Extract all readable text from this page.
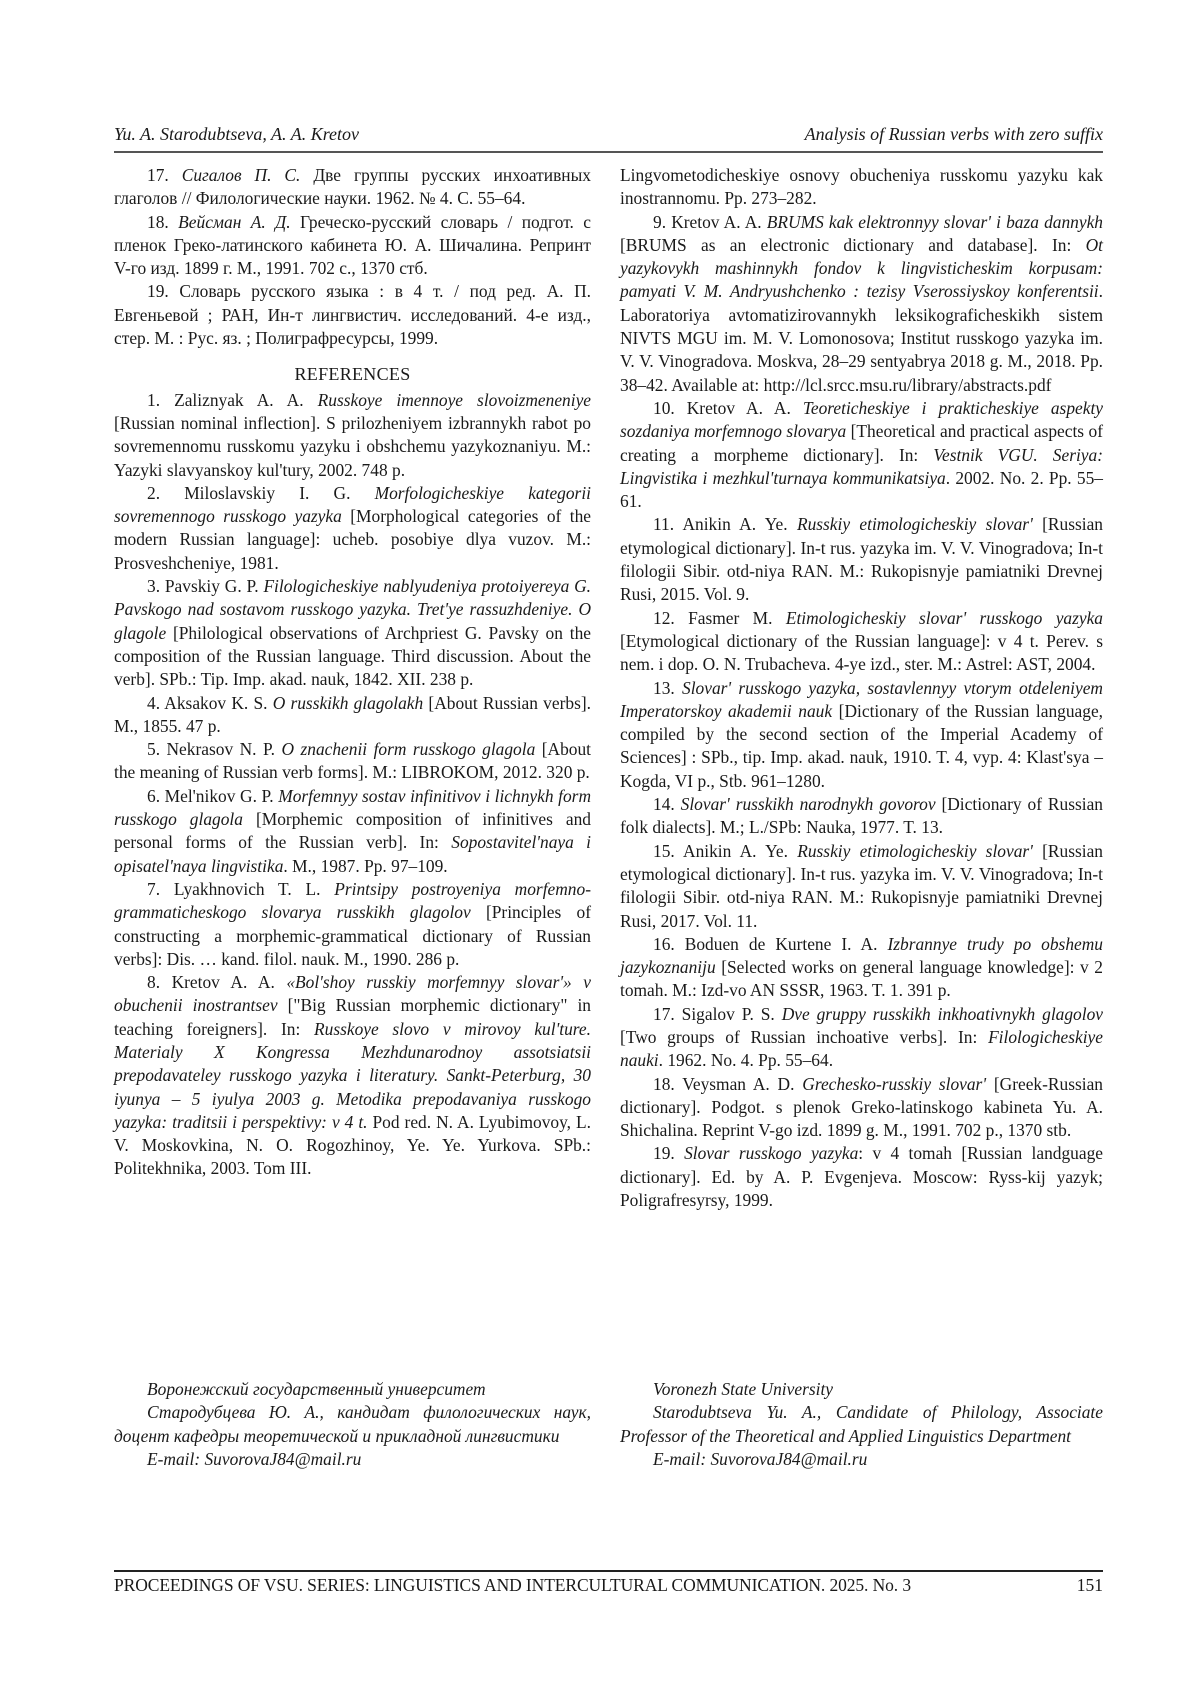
Yu. A. Starodubtseva, A. A. Kretov	Analysis of Russian verbs with zero suffix

17. Сигалов П. С. Две группы русских инхоативных глаголов // Филологические науки. 1962. № 4. С. 55–64.

18. Вейсман А. Д. Греческо-русский словарь / подгот. с пленок Греко-латинского кабинета Ю. А. Шичалина. Репринт V-го изд. 1899 г. М., 1991. 702 с., 1370 стб.

19. Словарь русского языка : в 4 т. / под ред. А. П. Евгеньевой ; РАН, Ин-т лингвистич. исследований. 4-е изд., стер. М. : Рус. яз. ; Полиграфресурсы, 1999.

REFERENCES

1. Zaliznyak A. A. Russkoye imennoye slovoizmeneniye [Russian nominal inflection]. S prilozheniyem izbrannykh rabot po sovremennomu russkomu yazyku i obshchemu yazykoznaniyu. M.: Yazyki slavyanskoy kul'tury, 2002. 748 p.

2. Miloslavskiy I. G. Morfologicheskiye kategorii sovremennogo russkogo yazyka [Morphological categories of the modern Russian language]: ucheb. posobiye dlya vuzov. M.: Prosveshcheniye, 1981.

3. Pavskiy G. P. Filologicheskiye nablyudeniya protoiyereya G. Pavskogo nad sostavom russkogo yazyka. Tret'ye rassuzhdeniye. O glagole [Philological observations of Archpriest G. Pavsky on the composition of the Russian language. Third discussion. About the verb]. SPb.: Tip. Imp. akad. nauk, 1842. XII. 238 p.

4. Aksakov K. S. O russkikh glagolakh [About Russian verbs]. M., 1855. 47 p.

5. Nekrasov N. P. O znachenii form russkogo glagola [About the meaning of Russian verb forms]. M.: LIBROKOM, 2012. 320 p.

6. Mel'nikov G. P. Morfemnyy sostav infinitivov i lichnykh form russkogo glagola [Morphemic composition of infinitives and personal forms of the Russian verb]. In: Sopostavitel'naya i opisatel'naya lingvistika. M., 1987. Pp. 97–109.

7. Lyakhnovich T. L. Printsipy postroyeniya morfemno-grammaticheskogo slovarya russkikh glagolov [Principles of constructing a morphemic-grammatical dictionary of Russian verbs]: Dis. … kand. filol. nauk. M., 1990. 286 p.

8. Kretov A. A. «Bol'shoy russkiy morfemnyy slovar'» v obuchenii inostrantsev ["Big Russian morphemic dictionary" in teaching foreigners]. In: Russkoye slovo v mirovoy kul'ture. Materialy X Kongressa Mezhdunarodnoy assotsiatsii prepodavateley russkogo yazyka i literatury. Sankt-Peterburg, 30 iyunya – 5 iyulya 2003 g. Metodika prepodavaniya russkogo yazyka: traditsii i perspektivy: v 4 t. Pod red. N. A. Lyubimovoy, L. V. Moskovkina, N. O. Rogozhinoy, Ye. Ye. Yurkova. SPb.: Politekhnika, 2003. Tom III.

Lingvometodicheskiye osnovy obucheniya russkomu yazyku kak inostrannomu. Pp. 273–282.

9. Kretov A. A. BRUMS kak elektronnyy slovar' i baza dannykh [BRUMS as an electronic dictionary and database]. In: Ot yazykovykh mashinnykh fondov k lingvisticheskim korpusam: pamyati V. M. Andryushchenko : tezisy Vserossiyskoy konferentsii. Laboratoriya avtomatizirovannykh leksikograficheskikh sistem NIVTS MGU im. M. V. Lomonosova; Institut russkogo yazyka im. V. V. Vinogradova. Moskva, 28–29 sentyabrya 2018 g. M., 2018. Pp. 38–42. Available at: http://lcl.srcc.msu.ru/library/abstracts.pdf

10. Kretov A. A. Teoreticheskiye i prakticheskiye aspekty sozdaniya morfemnogo slovarya [Theoretical and practical aspects of creating a morpheme dictionary]. In: Vestnik VGU. Seriya: Lingvistika i mezhkul'turnaya kommunikatsiya. 2002. No. 2. Pp. 55–61.

11. Anikin A. Ye. Russkiy etimologicheskiy slovar' [Russian etymological dictionary]. In-t rus. yazyka im. V. V. Vinogradova; In-t filologii Sibir. otd-niya RAN. M.: Rukopisnyje pamiatniki Drevnej Rusi, 2015. Vol. 9.

12. Fasmer M. Etimologicheskiy slovar' russkogo yazyka [Etymological dictionary of the Russian language]: v 4 t. Perev. s nem. i dop. O. N. Trubacheva. 4-ye izd., ster. M.: Astrel: AST, 2004.

13. Slovar' russkogo yazyka, sostavlennyy vtorym otdeleniyem Imperatorskoy akademii nauk [Dictionary of the Russian language, compiled by the second section of the Imperial Academy of Sciences] : SPb., tip. Imp. akad. nauk, 1910. T. 4, vyp. 4: Klast'sya – Kogda, VI p., Stb. 961–1280.

14. Slovar' russkikh narodnykh govorov [Dictionary of Russian folk dialects]. M.; L./SPb: Nauka, 1977. T. 13.

15. Anikin A. Ye. Russkiy etimologicheskiy slovar' [Russian etymological dictionary]. In-t rus. yazyka im. V. V. Vinogradova; In-t filologii Sibir. otd-niya RAN. M.: Rukopisnyje pamiatniki Drevnej Rusi, 2017. Vol. 11.

16. Boduen de Kurtene I. A. Izbrannye trudy po obshemu jazykoznaniju [Selected works on general language knowledge]: v 2 tomah. M.: Izd-vo AN SSSR, 1963. T. 1. 391 p.

17. Sigalov P. S. Dve gruppy russkikh inkhoativnykh glagolov [Two groups of Russian inchoative verbs]. In: Filologicheskiye nauki. 1962. No. 4. Pp. 55–64.

18. Veysman A. D. Grechesko-russkiy slovar' [Greek-Russian dictionary]. Podgot. s plenok Greko-latinskogo kabineta Yu. A. Shichalina. Reprint V-go izd. 1899 g. M., 1991. 702 p., 1370 stb.

19. Slovar russkogo yazyka: v 4 tomah [Russian landguage dictionary]. Ed. by A. P. Evgenjeva. Moscow: Ryss-kij yazyk; Poligrafresyrsy, 1999.

Воронежский государственный университет

Стародубцева Ю. А., кандидат филологических наук, доцент кафедры теоретической и прикладной лингвистики

E-mail: SuvorovaJ84@mail.ru

Voronezh State University

Starodubtseva Yu. A., Candidate of Philology, Associate Professor of the Theoretical and Applied Linguistics Department

E-mail: SuvorovaJ84@mail.ru

PROCEEDINGS OF VSU. SERIES: LINGUISTICS AND INTERCULTURAL COMMUNICATION. 2025. No. 3	151
